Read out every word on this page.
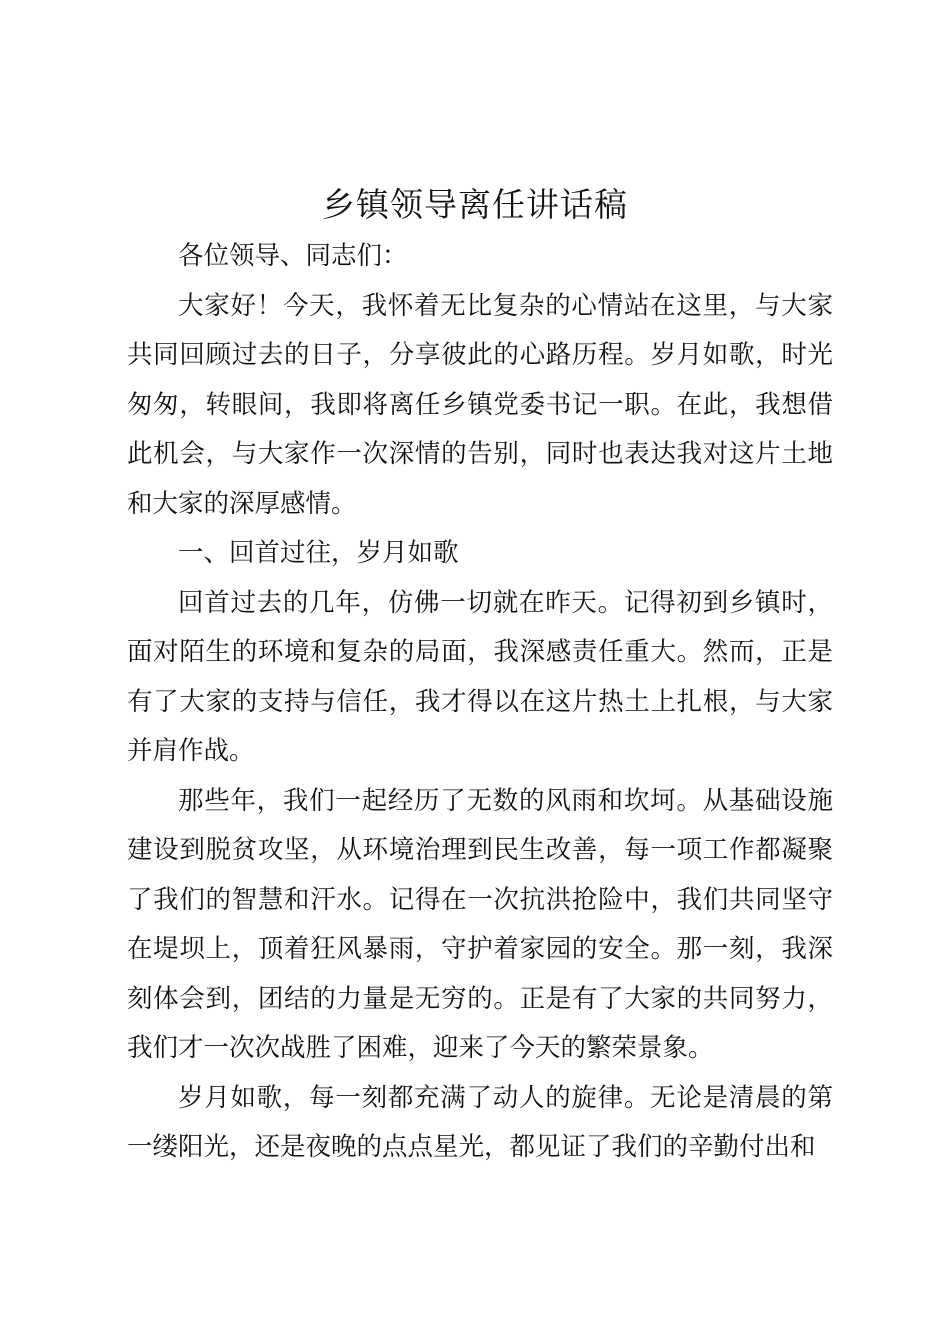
乡镇领导离任讲话稿

各位领导、同志们：

大家好！今天，我怀着无比复杂的心情站在这里，与大家共同回顾过去的日子，分享彼此的心路历程。岁月如歌，时光匆匆，转眼间，我即将离任乡镇党委书记一职。在此，我想借此机会，与大家作一次深情的告别，同时也表达我对这片土地和大家的深厚感情。

一、回首过往，岁月如歌

回首过去的几年，仿佛一切就在昨天。记得初到乡镇时，面对陌生的环境和复杂的局面，我深感责任重大。然而，正是有了大家的支持与信任，我才得以在这片热土上扎根，与大家并肩作战。

那些年，我们一起经历了无数的风雨和坎坷。从基础设施建设到脱贫攻坚，从环境治理到民生改善，每一项工作都凝聚了我们的智慧和汗水。记得在一次抗洪抢险中，我们共同坚守在堤坝上，顶着狂风暴雨，守护着家园的安全。那一刻，我深刻体会到，团结的力量是无穷的。正是有了大家的共同努力，我们才一次次战胜了困难，迎来了今天的繁荣景象。

岁月如歌，每一刻都充满了动人的旋律。无论是清晨的第一缕阳光，还是夜晚的点点星光，都见证了我们的辛勤付出和
